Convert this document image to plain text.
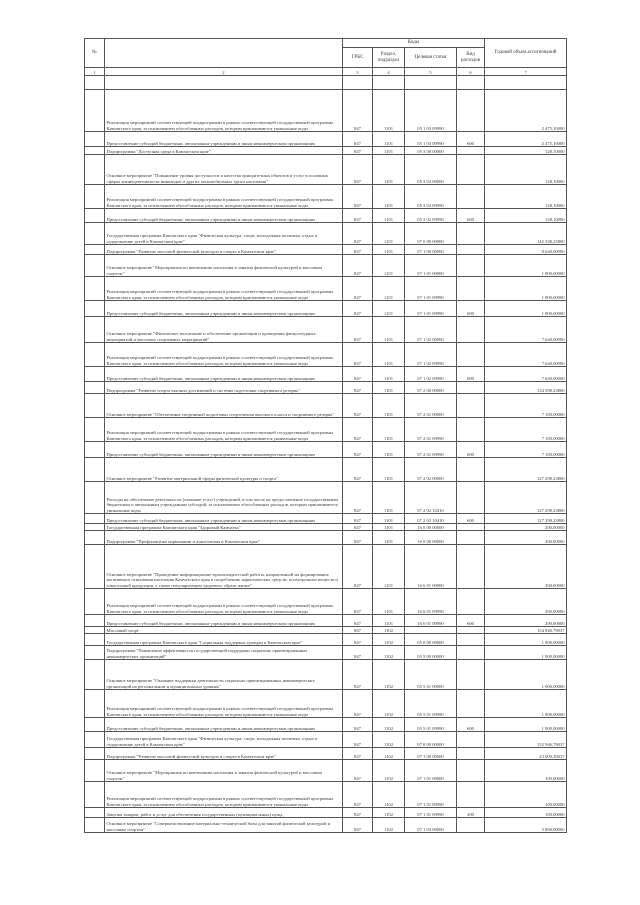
№		Коды				Годовой объем ассигнований
		ГРБС	Раздел, подраздел	Целевая статья	Вид расходов	
1	2	3	4	5	6	7

	Реализация мероприятий соответствующей подпрограммы в рамках соответствующей государственной программы Камчатского края, за исключением обособленных расходов, которым присваиваются уникальные коды	847	1101	05 1 03 09990		2 475,10000
	Предоставление субсидий бюджетным, автономным учреждениям и иным некоммерческим организациям	847	1101	05 1 03 09990	600	2 475,10000
	Подпрограмма "Доступная среда в Камчатском крае"	847	1101	05 3 00 00000		128,10000
	Основное мероприятие "Повышение уровня доступности и качества приоритетных объектов и услуг в основных сферах жизнедеятельности инвалидов и других маломобильных групп населения"	847	1101	05 3 02 00000		128,10000
	Реализация мероприятий соответствующей подпрограммы в рамках соответствующей государственной программы Камчатского края, за исключением обособленных расходов, которым присваиваются уникальные коды	847	1101	05 3 02 09990		128,10000
	Предоставление субсидий бюджетным, автономным учреждениям и иным некоммерческим организациям	847	1101	05 3 02 09990	600	128,10000
	Государственная программа Камчатского края "Физическая культура, спорт, молодежная политика, отдых и оздоровление детей в Камчатском крае"	847	1101	07 0 00 00000		142 338,23800
	Подпрограмма "Развитие массовой физической культуры и спорта в Камчатском крае"	847	1101	07 1 00 00000		8 640,00000
	Основное мероприятие "Мероприятия по вовлечению населения в занятия физической культурой и массовым спортом"	847	1101	07 1 01 00000		1 000,00000
	Реализация мероприятий соответствующей подпрограммы в рамках соответствующей государственной программы Камчатского края, за исключением обособленных расходов, которым присваиваются уникальные коды	847	1101	07 1 01 09990		1 000,00000
	Предоставление субсидий бюджетным, автономным учреждениям и иным некоммерческим организациям	847	1101	07 1 01 09990	600	1 000,00000
	Основное мероприятие "Физическое воспитание и обеспечение организации и проведения физкультурных мероприятий и массовых спортивных мероприятий"	847	1101	07 1 02 00000		7 640,00000
	Реализация мероприятий соответствующей подпрограммы в рамках соответствующей государственной программы Камчатского края, за исключением обособленных расходов, которым присваиваются уникальные коды	847	1101	07 1 02 09990		7 640,00000
	Предоставление субсидий бюджетным, автономным учреждениям и иным некоммерческим организациям	847	1101	07 1 02 09990	600	7 640,00000
	Подпрограмма "Развитие спорта высших достижений и системы подготовки спортивного резерва"	847	1101	07 2 00 00000		134 398,23800
	Основное мероприятие "Обеспечение спортивной подготовки спортсменов высокого класса и спортивного резерва"	847	1101	07 2 01 00000		7 100,00000
	Реализация мероприятий соответствующей подпрограммы в рамках соответствующей государственной программы Камчатского края, за исключением обособленных расходов, которым присваиваются уникальные коды	847	1101	07 2 01 09990		7 100,00000
	Предоставление субсидий бюджетным, автономным учреждениям и иным некоммерческим организациям	847	1101	07 2 01 09990	600	7 100,00000
	Основное мероприятие "Развитие материальной сферы физической культуры и спорта"	847	1101	07 2 02 00000		127 298,23800
	Расходы на обеспечение деятельности (оказание услуг) учреждений, в том числе на предоставление государственным бюджетным и автономным учреждениям субсидий, за исключением обособленных расходов, которым присваиваются уникальные коды	847	1101	07 2 02 10410		127 298,23800
	Предоставление субсидий бюджетным, автономным учреждениям и иным некоммерческим организациям	847	1101	07 2 02 10410	600	127 298,23800
	Государственная программа Камчатского края "Здоровый Камчатка"	847	1101	16 0 00 00000		200,00000
	Подпрограмма "Профилактика наркомании и алкоголизма в Камчатском крае"	847	1101	16 6 00 00000		200,00000
	Основное мероприятие "Проведение информационно-пропагандистской работы, направленной на формирование негативного отношения населения Камчатского края к потреблению наркотических средств, психотропных веществ и алкогольной продукции, а также популяризацию здорового образа жизни"	847	1101	16 6 01 00000		200,00000
	Реализация мероприятий соответствующей подпрограммы в рамках соответствующей государственной программы Камчатского края, за исключением обособленных расходов, которым присваиваются уникальные коды	847	1101	16 6 01 09990		200,00000
	Предоставление субсидий бюджетным, автономным учреждениям и иным некоммерческим организациям	847	1101	16 6 01 09990	600	200,00000
	Массовый спорт	847	1102			154 846,79037
	Государственная программа Камчатского края "Социальная поддержка граждан в Камчатском крае"	847	1102	05 0 00 00000		1 900,00000
	Подпрограмма "Повышение эффективности государственной поддержки социально ориентированных некоммерческих организаций"	847	1102	05 5 00 00000		1 900,00000
	Основное мероприятие "Оказание поддержки деятельности социально ориентированных некоммерческих организаций на региональном и муниципальных уровнях"	847	1102	05 5 01 00000		1 900,00000
	Реализация мероприятий соответствующей подпрограммы в рамках соответствующей государственной программы Камчатского края, за исключением обособленных расходов, которым присваиваются уникальные коды	847	1102	05 5 01 09990		1 900,00000
	Предоставление субсидий бюджетным, автономным учреждениям и иным некоммерческим организациям	847	1102	05 5 01 09990	600	1 900,00000
	Государственная программа Камчатского края "Физическая культура, спорт, молодежная политика, отдых и оздоровление детей в Камчатском крае"	847	1102	07 0 00 00000		152 946,79037
	Подпрограмма "Развитие массовой физической культуры и спорта в Камчатском крае"	847	1102	07 1 00 00000		23 000,30037
	Основное мероприятие "Мероприятия по вовлечению населения в занятия физической культурой и массовым спортом"	847	1102	07 1 01 00000		100,00000
	Реализация мероприятий соответствующей подпрограммы в рамках соответствующей государственной программы Камчатского края, за исключением обособленных расходов, которым присваиваются уникальные коды	847	1102	07 1 01 09990		100,00000
	Закупка товаров, работ и услуг для обеспечения государственных (муниципальных) нужд	847	1102	07 1 01 09990	200	100,00000
	Основное мероприятие "Совершенствование материально-технической базы для занятий физической культурой и массовым спортом"	847	1102	07 1 03 00000		5 060,00000
